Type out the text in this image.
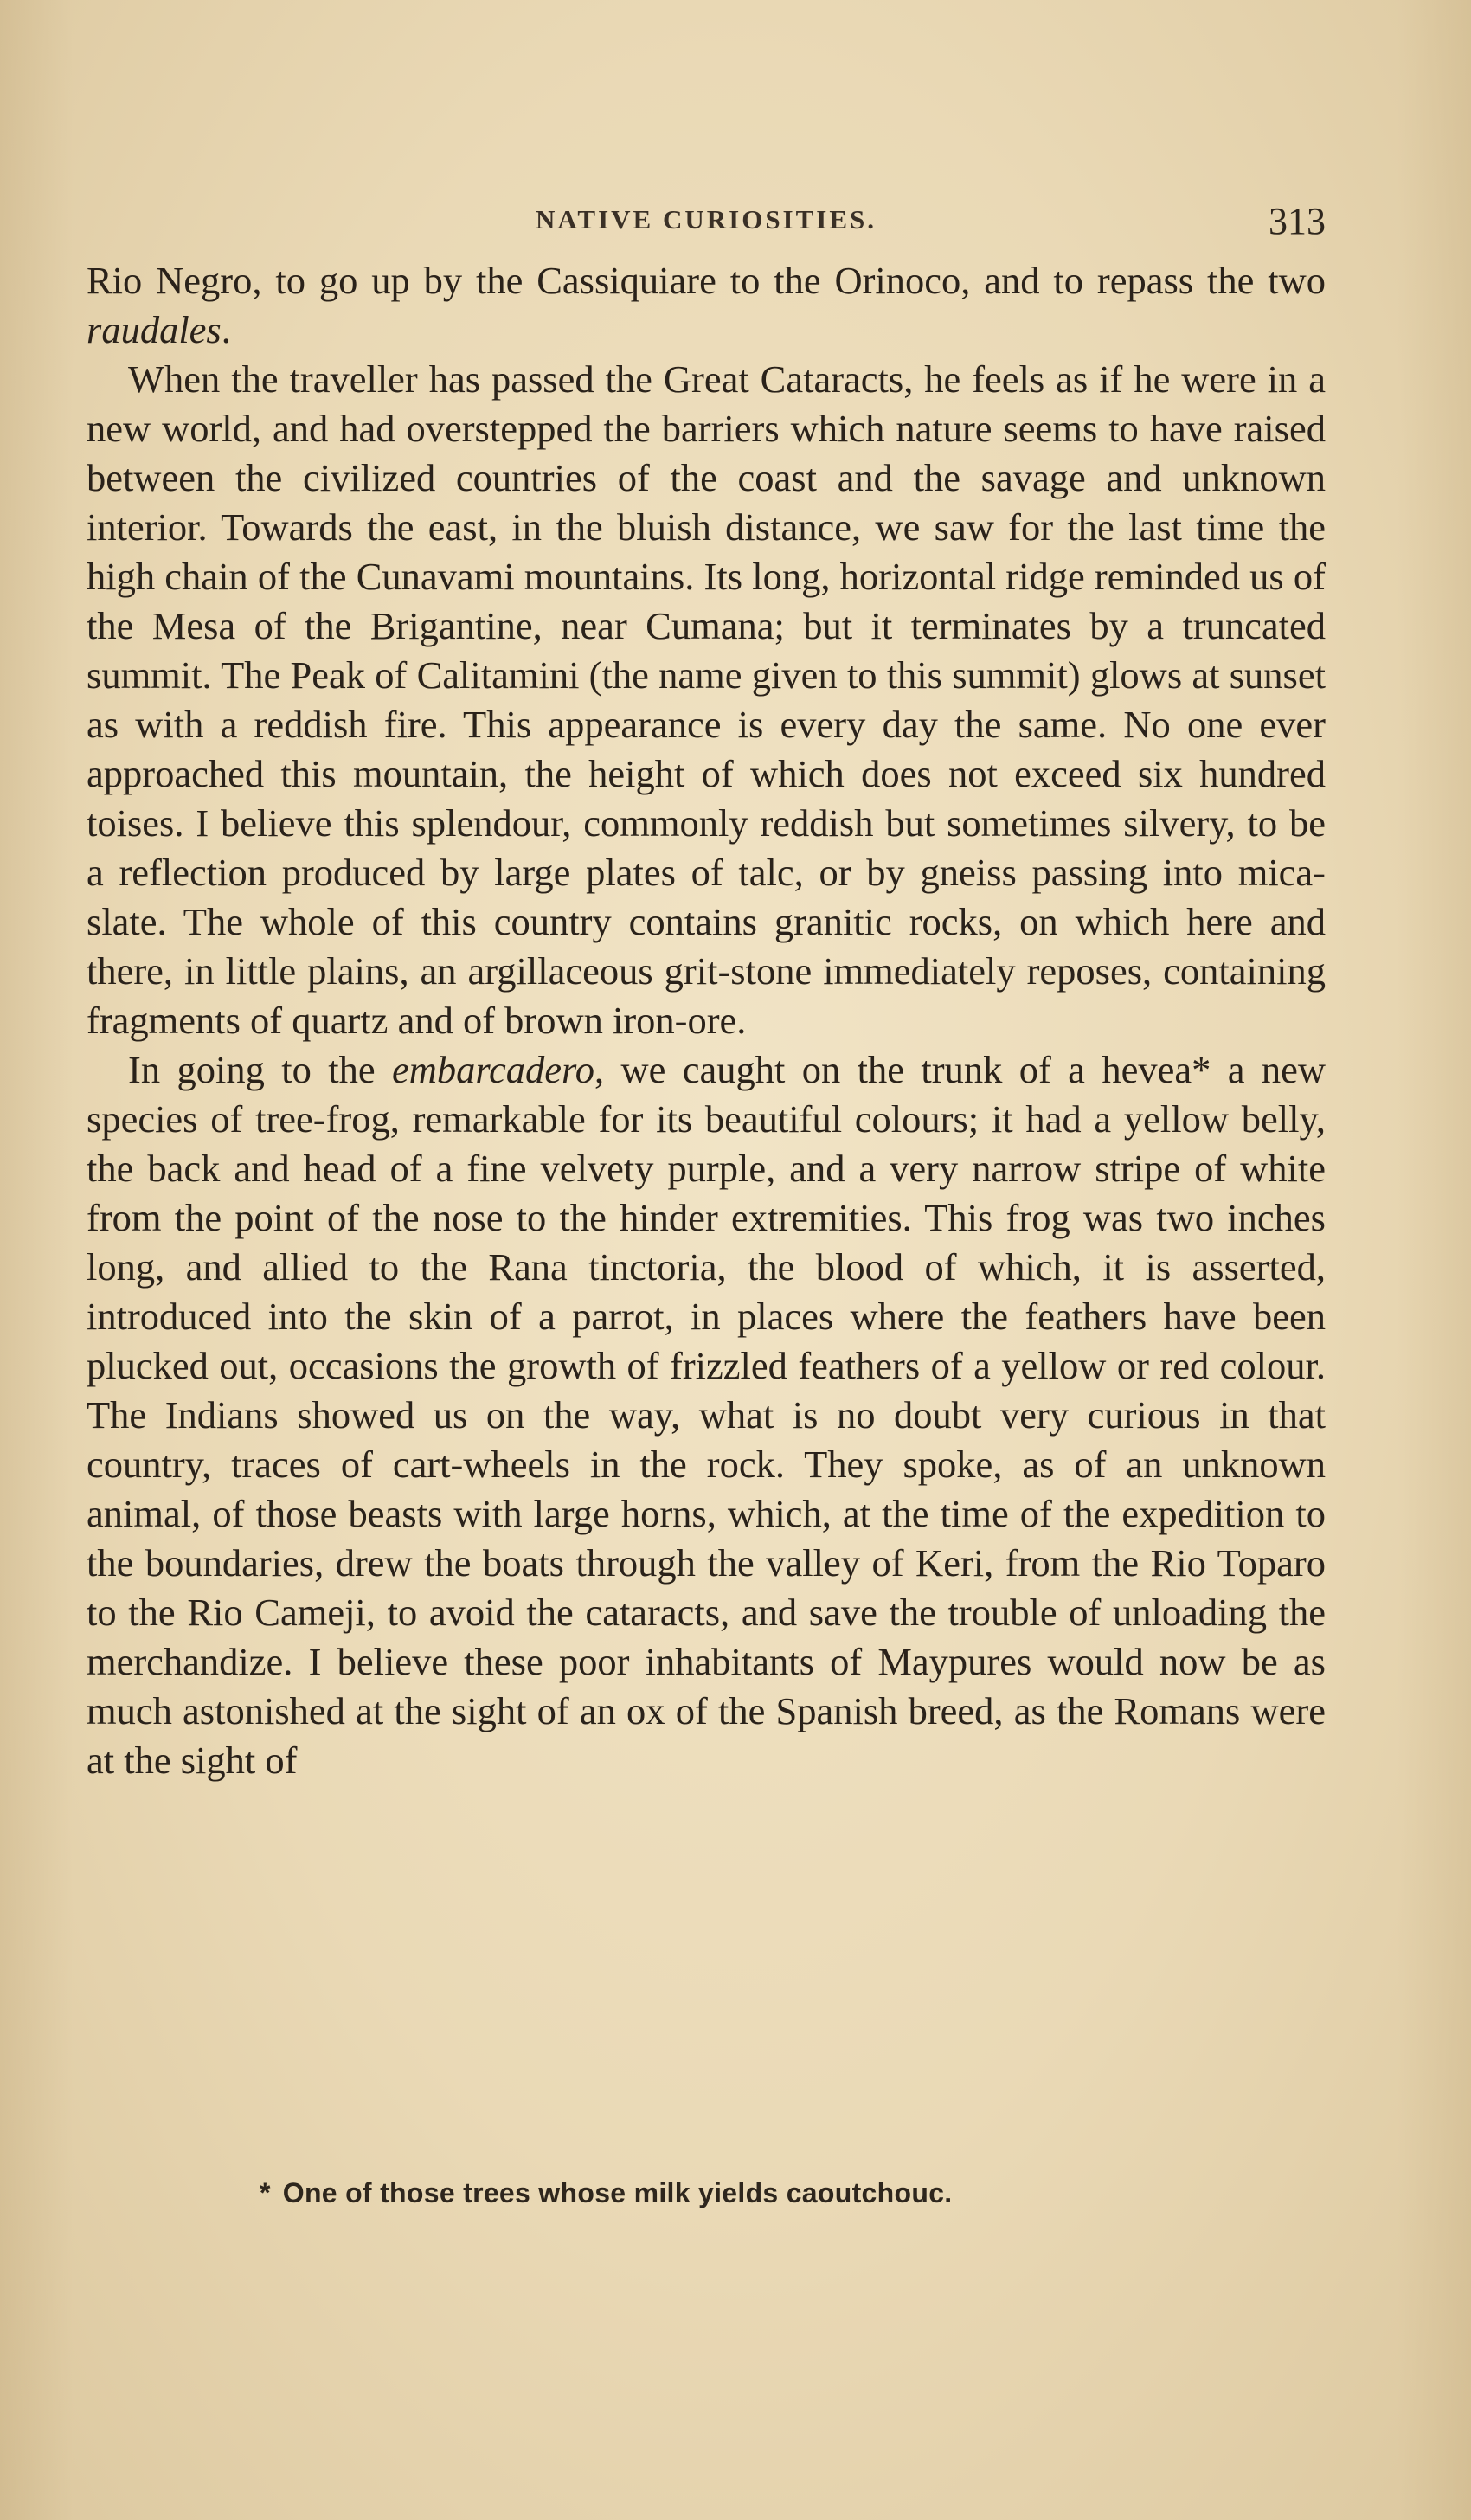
NATIVE CURIOSITIES.	313

Rio Negro, to go up by the Cassiquiare to the Orinoco, and to repass the two raudales.

When the traveller has passed the Great Cataracts, he feels as if he were in a new world, and had overstepped the barriers which nature seems to have raised between the civilized countries of the coast and the savage and unknown interior. Towards the east, in the bluish distance, we saw for the last time the high chain of the Cunavami mountains. Its long, horizontal ridge reminded us of the Mesa of the Brigantine, near Cumana; but it terminates by a truncated summit. The Peak of Calitamini (the name given to this summit) glows at sunset as with a reddish fire. This appearance is every day the same. No one ever approached this mountain, the height of which does not exceed six hundred toises. I believe this splendour, commonly reddish but sometimes silvery, to be a reflection produced by large plates of talc, or by gneiss passing into mica-slate. The whole of this country contains granitic rocks, on which here and there, in little plains, an argillaceous grit-stone immediately reposes, containing fragments of quartz and of brown iron-ore.

In going to the embarcadero, we caught on the trunk of a hevea* a new species of tree-frog, remarkable for its beautiful colours; it had a yellow belly, the back and head of a fine velvety purple, and a very narrow stripe of white from the point of the nose to the hinder extremities. This frog was two inches long, and allied to the Rana tinctoria, the blood of which, it is asserted, introduced into the skin of a parrot, in places where the feathers have been plucked out, occasions the growth of frizzled feathers of a yellow or red colour. The Indians showed us on the way, what is no doubt very curious in that country, traces of cart-wheels in the rock. They spoke, as of an unknown animal, of those beasts with large horns, which, at the time of the expedition to the boundaries, drew the boats through the valley of Keri, from the Rio Toparo to the Rio Cameji, to avoid the cataracts, and save the trouble of unloading the merchandize. I believe these poor inhabitants of Maypures would now be as much astonished at the sight of an ox of the Spanish breed, as the Romans were at the sight of

* One of those trees whose milk yields caoutchouc.
